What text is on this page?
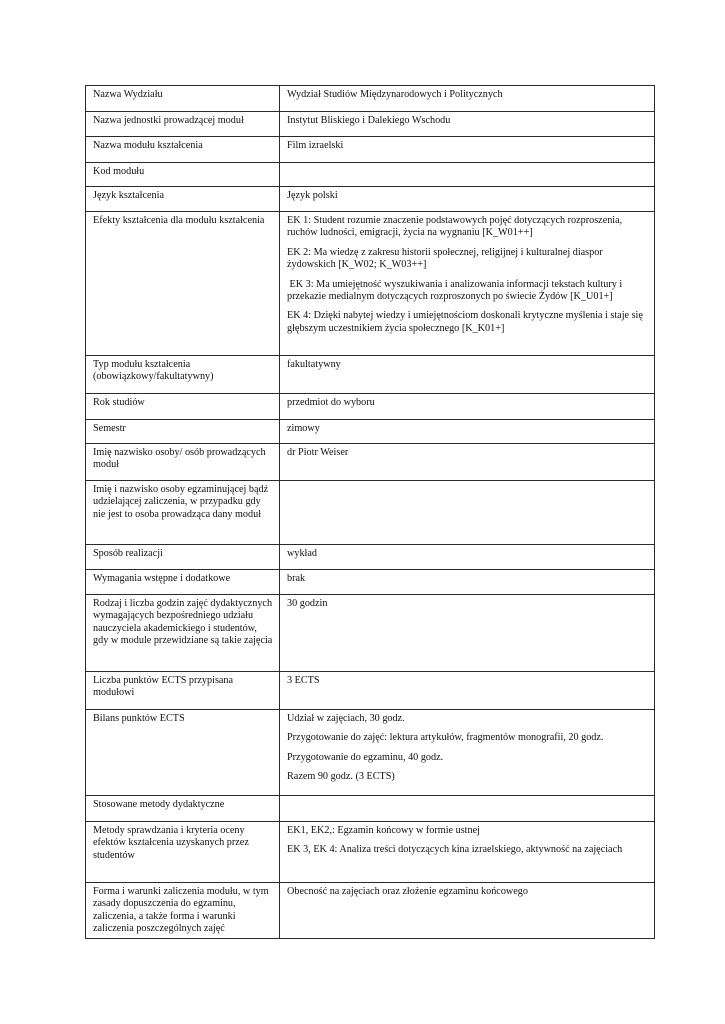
Nazwa Wydziału	Wydział Studiów Międzynarodowych i Politycznych

Nazwa jednostki prowadzącej moduł	Instytut Bliskiego i Dalekiego Wschodu

Nazwa modułu kształcenia	Film izraelski

Kod modułu	

Język kształcenia	Język polski

Efekty kształcenia dla modułu kształcenia	EK 1: Student rozumie znaczenie podstawowych pojęć dotyczących rozproszenia, ruchów ludności, emigracji, życia na wygnaniu [K_W01++]

EK 2: Ma wiedzę z zakresu historii społecznej, religijnej i kulturalnej diaspor żydowskich [K_W02; K_W03++]

EK 3: Ma umiejętność wyszukiwania i analizowania informacji tekstach kultury i przekazie medialnym dotyczących rozproszonych po świecie Żydów [K_U01+]

EK 4: Dzięki nabytej wiedzy i umiejętnościom doskonali krytyczne myślenia i staje się głębszym uczestnikiem życia społecznego [K_K01+]

Typ modułu kształcenia (obowiązkowy/fakultatywny)	fakultatywny

Rok studiów	przedmiot do wyboru

Semestr	zimowy

Imię nazwisko osoby/ osób prowadzących moduł	dr Piotr Weiser

Imię i nazwisko osoby egzaminującej bądź udzielającej zaliczenia, w przypadku gdy nie jest to osoba prowadząca dany moduł	

Sposób realizacji	wykład

Wymagania wstępne i dodatkowe	brak

Rodzaj i liczba godzin zajęć dydaktycznych wymagających bezpośredniego udziału nauczyciela akademickiego i studentów, gdy w module przewidziane są takie zajęcia	30 godzin

Liczba punktów ECTS przypisana modułowi	3 ECTS

Bilans punktów ECTS	Udział w zajęciach, 30 godz.

Przygotowanie do zajęć: lektura artykułów, fragmentów monografii, 20 godz.

Przygotowanie do egzaminu, 40 godz.

Razem 90 godz. (3 ECTS)

Stosowane metody dydaktyczne	

Metody sprawdzania i kryteria oceny efektów kształcenia uzyskanych przez studentów	EK1, EK2,: Egzamin końcowy w formie ustnej

EK 3, EK 4: Analiza treści dotyczących kina izraelskiego, aktywność na zajęciach

Forma i warunki zaliczenia modułu, w tym zasady dopuszczenia do egzaminu, zaliczenia, a także forma i warunki zaliczenia poszczególnych zajęć	Obecność na zajęciach oraz złożenie egzaminu końcowego
